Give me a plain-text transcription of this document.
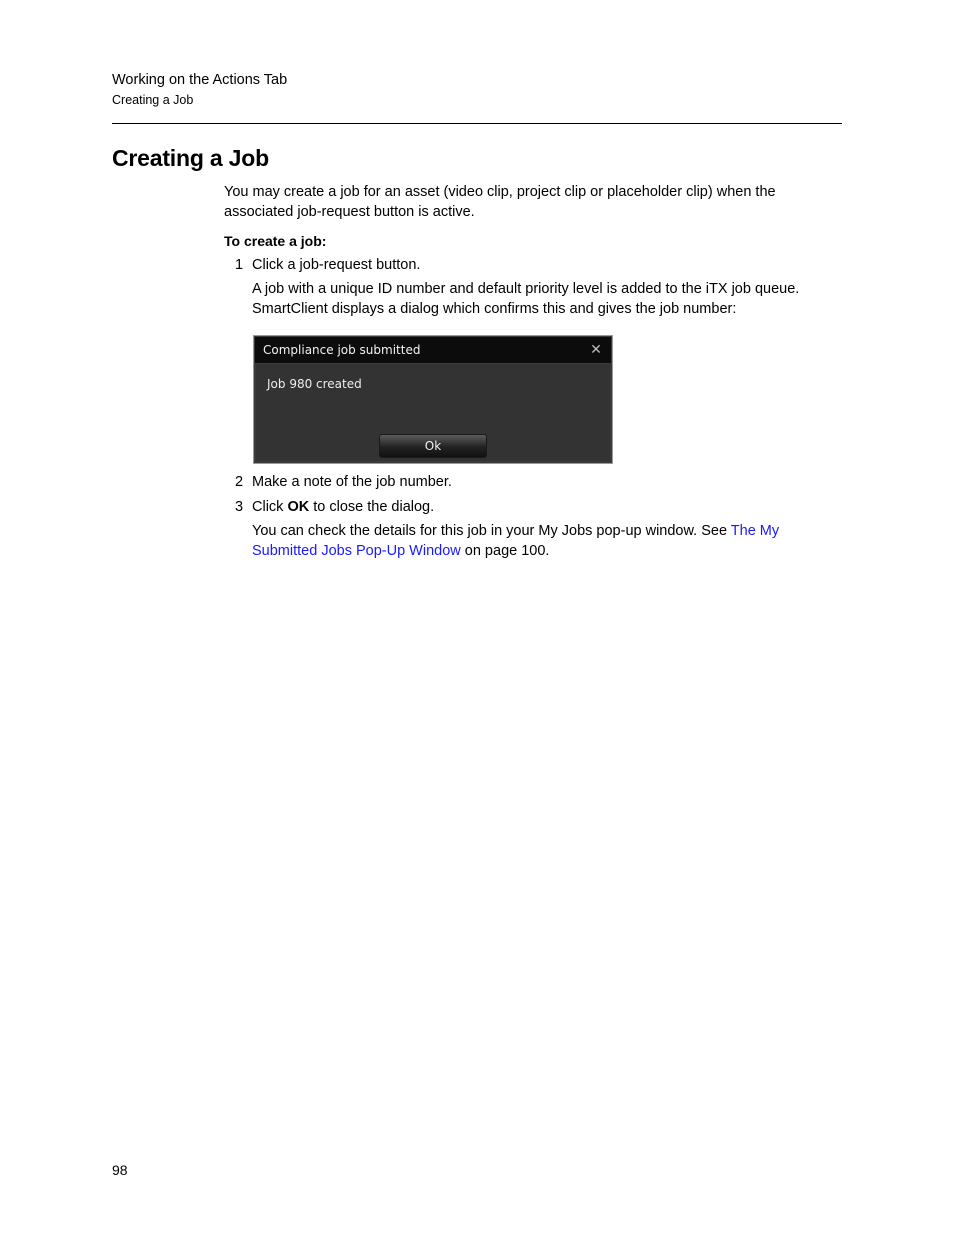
Working on the Actions Tab
Creating a Job
Creating a Job

You may create a job for an asset (video clip, project clip or placeholder clip) when the associated job-request button is active.

To create a job:
1 Click a job-request button.
A job with a unique ID number and default priority level is added to the iTX job queue. SmartClient displays a dialog which confirms this and gives the job number:
Compliance job submitted	✕
Job 980 created
Ok
2 Make a note of the job number.
3 Click OK to close the dialog.
You can check the details for this job in your My Jobs pop-up window. See The My Submitted Jobs Pop-Up Window on page 100.
98
